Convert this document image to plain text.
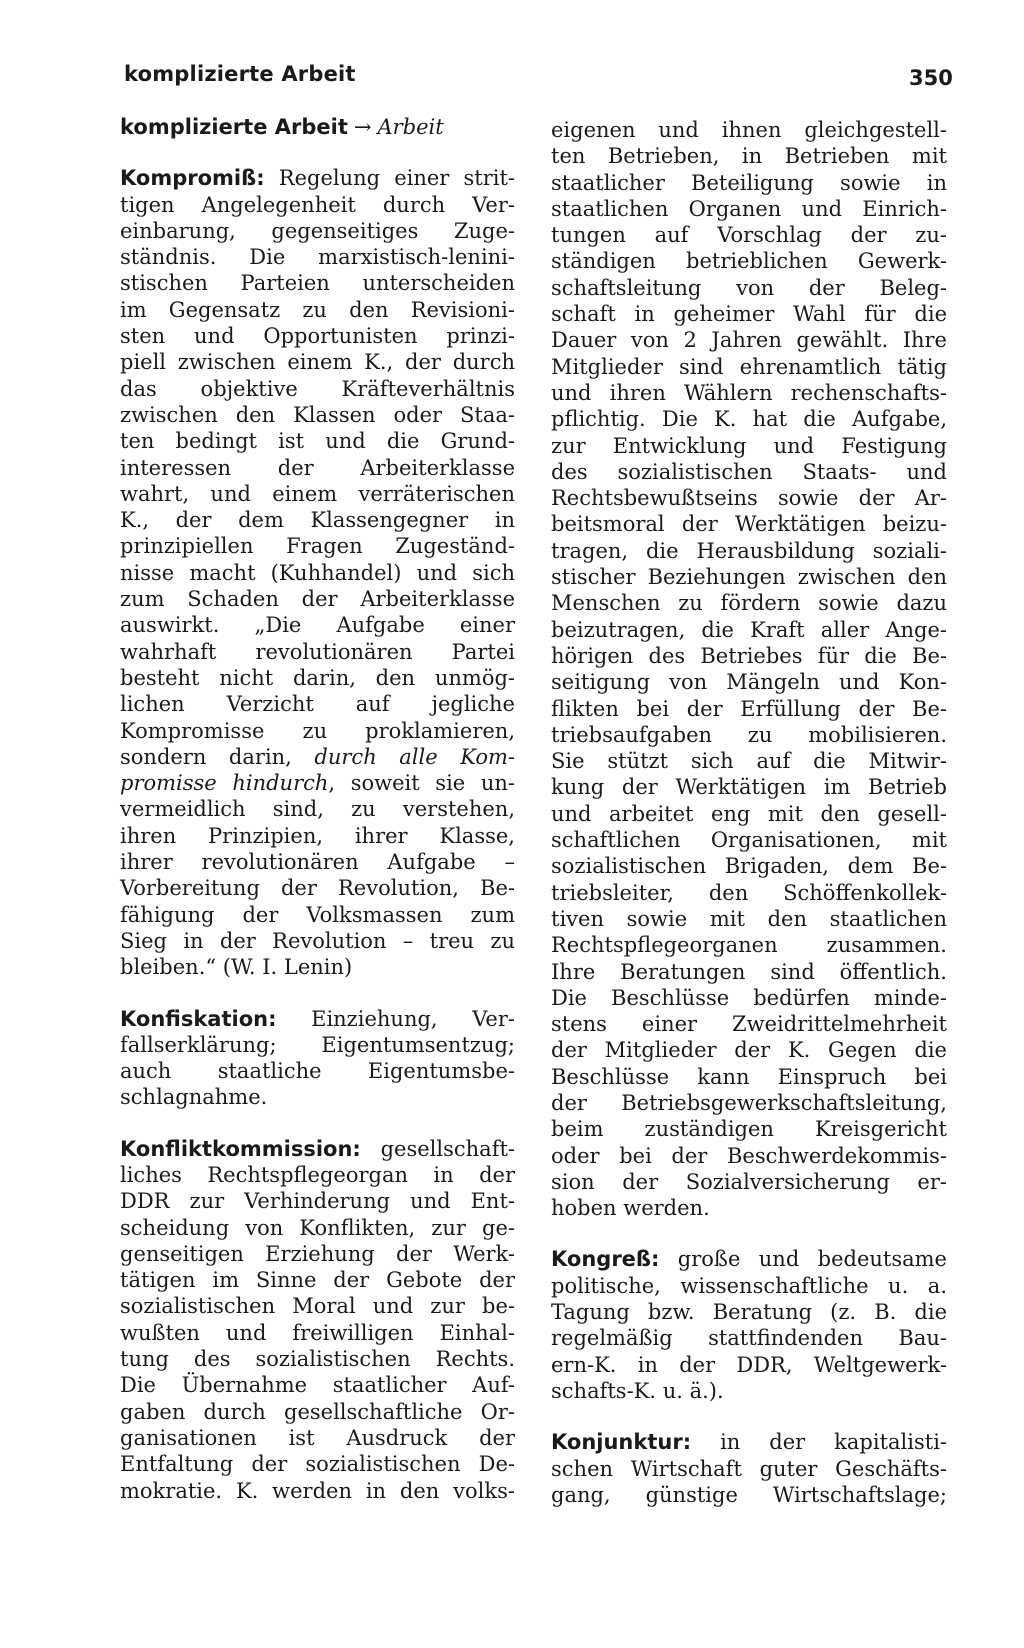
komplizierte Arbeit	350
komplizierte Arbeit → Arbeit
Kompromiß: Regelung einer strit-
tigen Angelegenheit durch Ver-
einbarung, gegenseitiges Zuge-
ständnis. Die marxistisch-lenini-
stischen Parteien unterscheiden
im Gegensatz zu den Revisioni-
sten und Opportunisten prinzi-
piell zwischen einem K., der durch
das objektive Kräfteverhältnis
zwischen den Klassen oder Staa-
ten bedingt ist und die Grund-
interessen der Arbeiterklasse
wahrt, und einem verräterischen
K., der dem Klassengegner in
prinzipiellen Fragen Zugeständ-
nisse macht (Kuhhandel) und sich
zum Schaden der Arbeiterklasse
auswirkt. „Die Aufgabe einer
wahrhaft revolutionären Partei
besteht nicht darin, den unmög-
lichen Verzicht auf jegliche
Kompromisse zu proklamieren,
sondern darin, durch alle Kom-
promisse hindurch, soweit sie un-
vermeidlich sind, zu verstehen,
ihren Prinzipien, ihrer Klasse,
ihrer revolutionären Aufgabe –
Vorbereitung der Revolution, Be-
fähigung der Volksmassen zum
Sieg in der Revolution – treu zu
bleiben.“ (W. I. Lenin)
Konfiskation: Einziehung, Ver-
fallserklärung; Eigentumsentzug;
auch staatliche Eigentumsbe-
schlagnahme.
Konfliktkommission: gesellschaft-
liches Rechtspflegeorgan in der
DDR zur Verhinderung und Ent-
scheidung von Konflikten, zur ge-
genseitigen Erziehung der Werk-
tätigen im Sinne der Gebote der
sozialistischen Moral und zur be-
wußten und freiwilligen Einhal-
tung des sozialistischen Rechts.
Die Übernahme staatlicher Auf-
gaben durch gesellschaftliche Or-
ganisationen ist Ausdruck der
Entfaltung der sozialistischen De-
mokratie. K. werden in den volks-
eigenen und ihnen gleichgestell-
ten Betrieben, in Betrieben mit
staatlicher Beteiligung sowie in
staatlichen Organen und Einrich-
tungen auf Vorschlag der zu-
ständigen betrieblichen Gewerk-
schaftsleitung von der Beleg-
schaft in geheimer Wahl für die
Dauer von 2 Jahren gewählt. Ihre
Mitglieder sind ehrenamtlich tätig
und ihren Wählern rechenschafts-
pflichtig. Die K. hat die Aufgabe,
zur Entwicklung und Festigung
des sozialistischen Staats- und
Rechtsbewußtseins sowie der Ar-
beitsmoral der Werktätigen beizu-
tragen, die Herausbildung soziali-
stischer Beziehungen zwischen den
Menschen zu fördern sowie dazu
beizutragen, die Kraft aller Ange-
hörigen des Betriebes für die Be-
seitigung von Mängeln und Kon-
flikten bei der Erfüllung der Be-
triebsaufgaben zu mobilisieren.
Sie stützt sich auf die Mitwir-
kung der Werktätigen im Betrieb
und arbeitet eng mit den gesell-
schaftlichen Organisationen, mit
sozialistischen Brigaden, dem Be-
triebsleiter, den Schöffenkollek-
tiven sowie mit den staatlichen
Rechtspflegeorganen zusammen.
Ihre Beratungen sind öffentlich.
Die Beschlüsse bedürfen minde-
stens einer Zweidrittelmehrheit
der Mitglieder der K. Gegen die
Beschlüsse kann Einspruch bei
der Betriebsgewerkschaftsleitung,
beim zuständigen Kreisgericht
oder bei der Beschwerdekommis-
sion der Sozialversicherung er-
hoben werden.
Kongreß: große und bedeutsame
politische, wissenschaftliche u. a.
Tagung bzw. Beratung (z. B. die
regelmäßig stattfindenden Bau-
ern-K. in der DDR, Weltgewerk-
schafts-K. u. ä.).
Konjunktur: in der kapitalisti-
schen Wirtschaft guter Geschäfts-
gang, günstige Wirtschaftslage;
